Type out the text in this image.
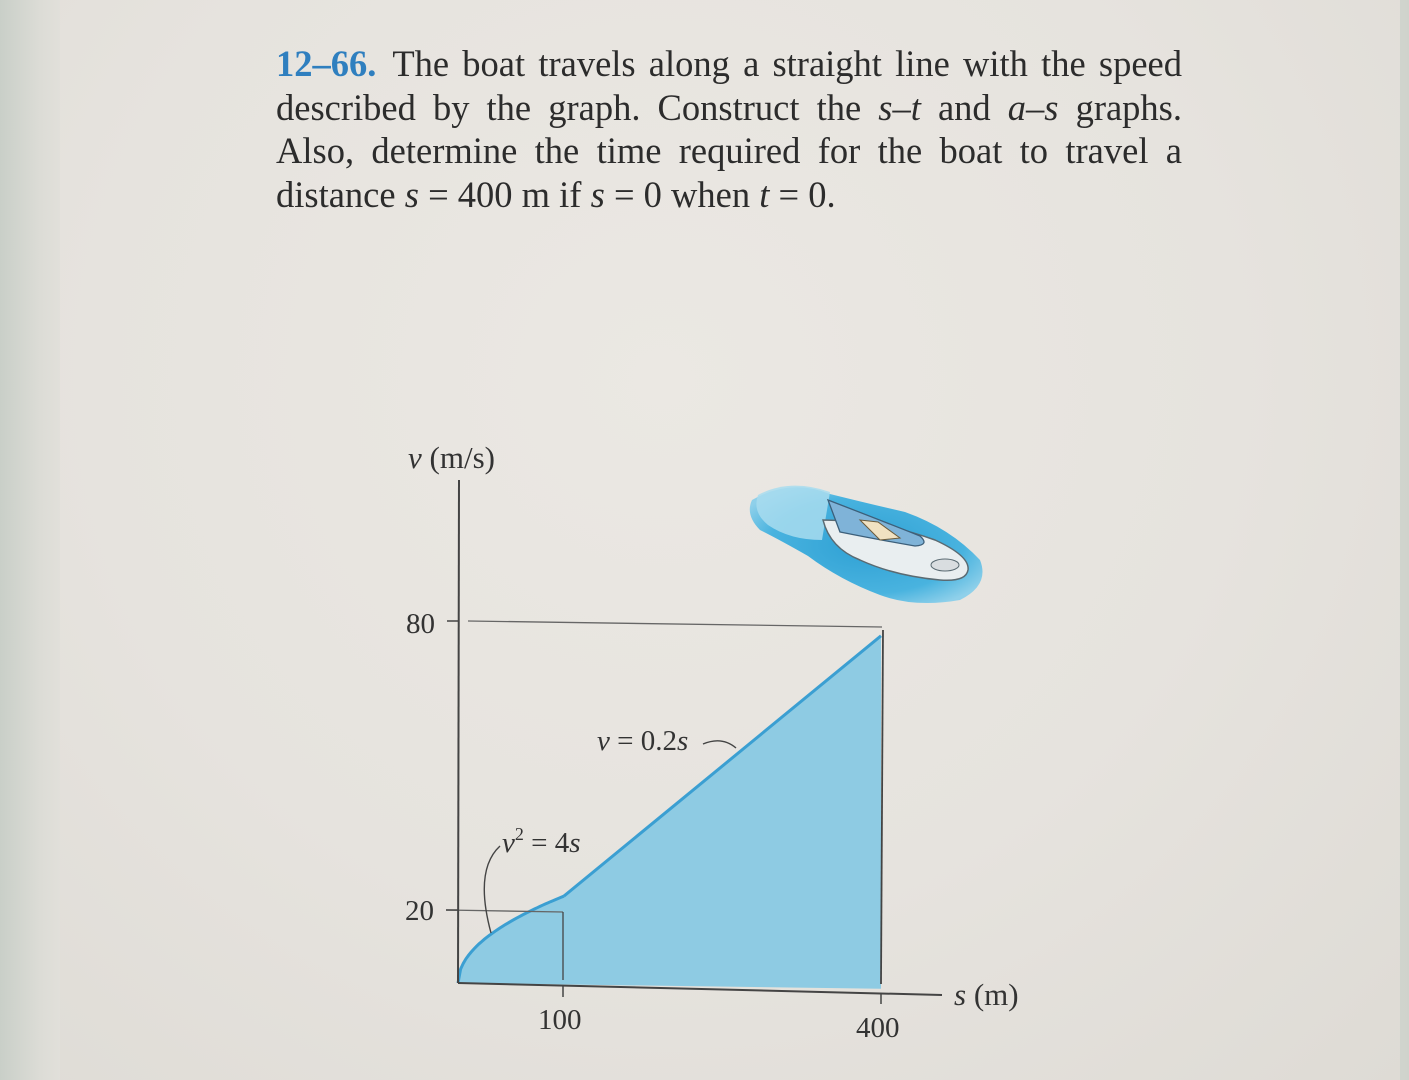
12–66. The boat travels along a straight line with the speed described by the graph. Construct the s–t and a–s graphs. Also, determine the time required for the boat to travel a distance s = 400 m if s = 0 when t = 0.

80
20
100	400
v (m/s)
s (m)
v = 0.2s
$v^2 = 4s$
